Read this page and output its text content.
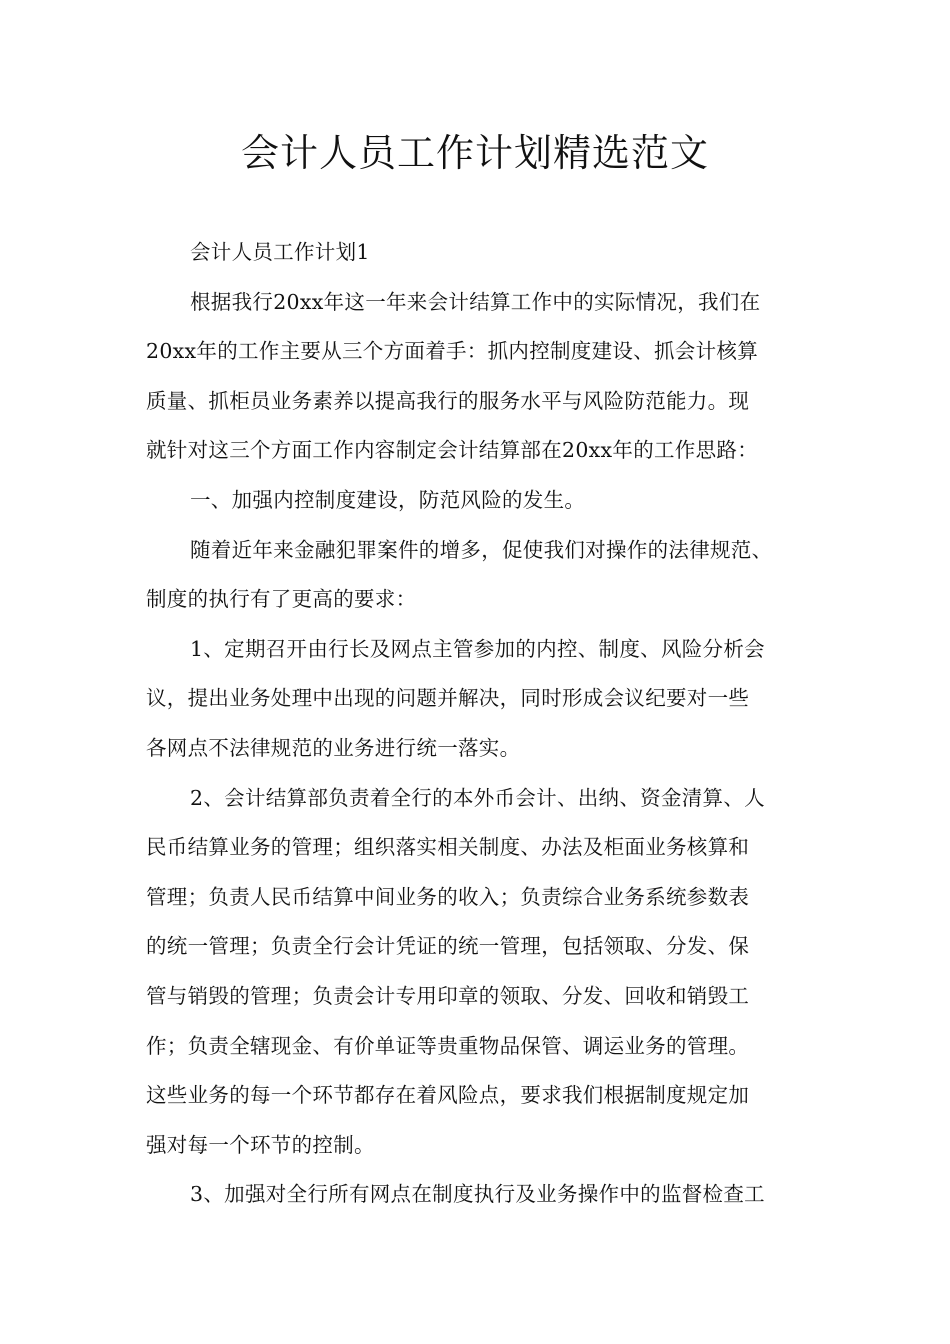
会计人员工作计划精选范文
会计人员工作计划1
根据我行20xx年这一年来会计结算工作中的实际情况，我们在
20xx年的工作主要从三个方面着手：抓内控制度建设、抓会计核算
质量、抓柜员业务素养以提高我行的服务水平与风险防范能力。现
就针对这三个方面工作内容制定会计结算部在20xx年的工作思路：
一、加强内控制度建设，防范风险的发生。
随着近年来金融犯罪案件的增多，促使我们对操作的法律规范、
制度的执行有了更高的要求：
1、定期召开由行长及网点主管参加的内控、制度、风险分析会
议，提出业务处理中出现的问题并解决，同时形成会议纪要对一些
各网点不法律规范的业务进行统一落实。
2、会计结算部负责着全行的本外币会计、出纳、资金清算、人
民币结算业务的管理；组织落实相关制度、办法及柜面业务核算和
管理；负责人民币结算中间业务的收入；负责综合业务系统参数表
的统一管理；负责全行会计凭证的统一管理，包括领取、分发、保
管与销毁的管理；负责会计专用印章的领取、分发、回收和销毁工
作；负责全辖现金、有价单证等贵重物品保管、调运业务的管理。
这些业务的每一个环节都存在着风险点，要求我们根据制度规定加
强对每一个环节的控制。
3、加强对全行所有网点在制度执行及业务操作中的监督检查工
